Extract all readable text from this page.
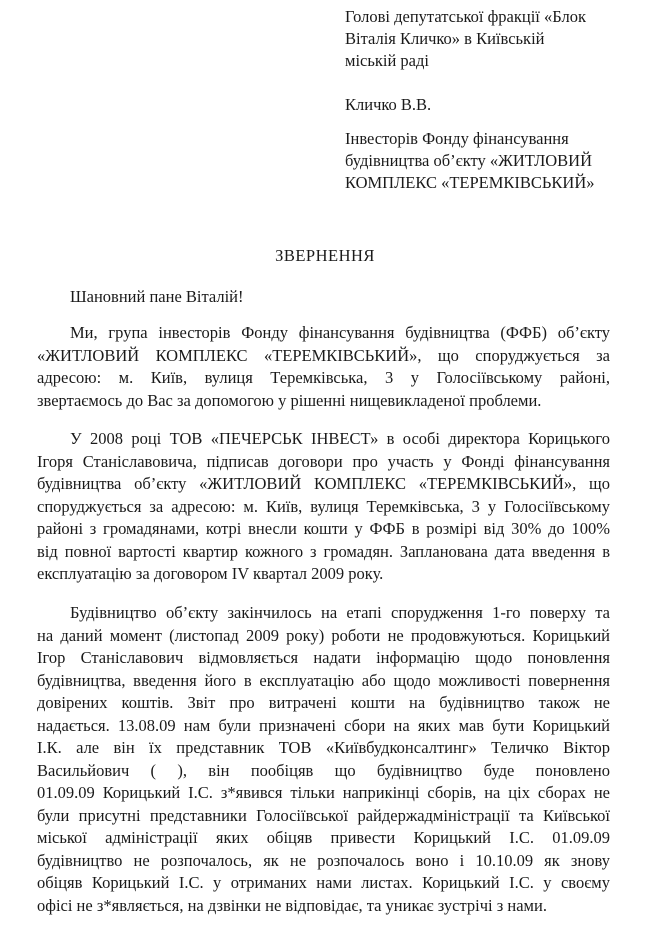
Голові депутатської фракції «Блок
Віталія Кличко» в Київській
міській раді
Кличко В.В.
Інвесторів Фонду фінансування
будівництва об’єкту «ЖИТЛОВИЙ
КОМПЛЕКС «ТЕРЕМКІВСЬКИЙ»
ЗВЕРНЕННЯ
Шановний пане Віталій!
Ми, група інвесторів Фонду фінансування будівництва (ФФБ) об’єкту
«ЖИТЛОВИЙ КОМПЛЕКС «ТЕРЕМКІВСЬКИЙ», що споруджується за
адресою: м. Київ, вулиця Теремківська, 3 у Голосіївському районі,
звертаємось до Вас за допомогою у рішенні нищевикладеної проблеми.
У 2008 році ТОВ «ПЕЧЕРСЬК ІНВЕСТ» в особі директора Корицького
Ігоря Станіславовича, підписав договори про участь у Фонді фінансування
будівництва об’єкту «ЖИТЛОВИЙ КОМПЛЕКС «ТЕРЕМКІВСЬКИЙ», що
споруджується за адресою: м. Київ, вулиця Теремківська, 3 у Голосіївському
районі з громадянами, котрі внесли кошти у ФФБ в розмірі від 30% до 100%
від повної вартості квартир кожного з громадян. Запланована дата введення в
експлуатацію за договором IV квартал 2009 року.
Будівництво об’єкту закінчилось на етапі спорудження 1-го поверху та
на даний момент (листопад 2009 року) роботи не продовжуються. Корицький
Ігор Станіславович відмовляється надати інформацію щодо поновлення
будівництва, введення його в експлуатацію або щодо можливості повернення
довірених коштів. Звіт про витрачені кошти на будівництво також не
надається. 13.08.09 нам були призначені сбори на яких мав бути Корицький
І.К. але він їх представник ТОВ «Київбудконсалтинг» Теличко Віктор
Васильйович ( ), він пообіцяв що будівництво буде поновлено
01.09.09 Корицький І.С. з*явився тільки наприкінці сборів, на ціх сборах не
були присутні представники Голосіївської райдержадміністрації та Київської
міської адміністрації яких обіцяв привести Корицький І.С. 01.09.09
будівництво не розпочалось, як не розпочалось воно і 10.10.09 як знову
обіцяв Корицький І.С. у отриманих нами листах. Корицький І.С. у своєму
офісі не з*являється, на дзвінки не відповідає, та уникає зустрічі з нами.
